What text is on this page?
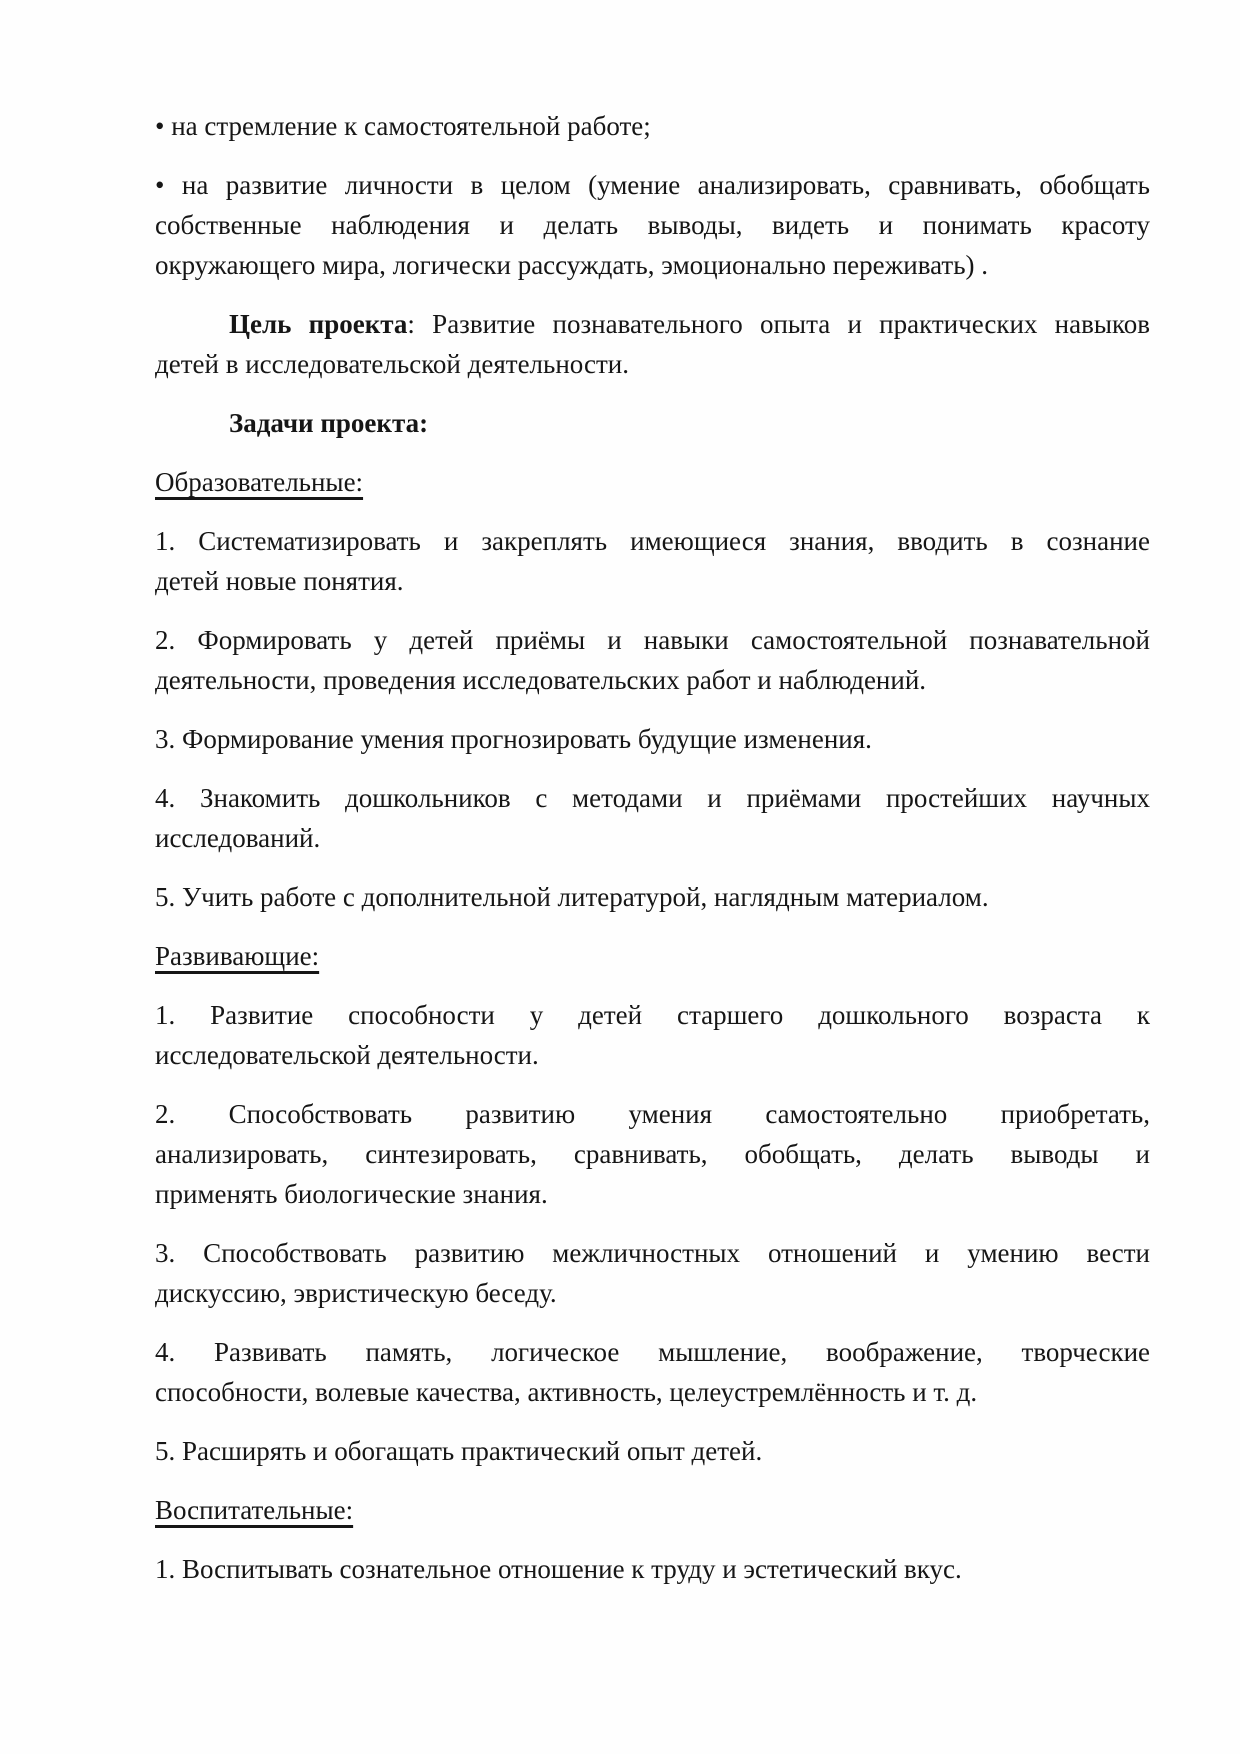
• на стремление к самостоятельной работе;
• на развитие личности в целом (умение анализировать, сравнивать, обобщать
собственные наблюдения и делать выводы, видеть и понимать красоту
окружающего мира, логически рассуждать, эмоционально переживать) .
Цель проекта: Развитие познавательного опыта и практических навыков
детей в исследовательской деятельности.
Задачи проекта:
Образовательные:
1. Систематизировать и закреплять имеющиеся знания, вводить в сознание
детей новые понятия.
2. Формировать у детей приёмы и навыки самостоятельной познавательной
деятельности, проведения исследовательских работ и наблюдений.
3. Формирование умения прогнозировать будущие изменения.
4. Знакомить дошкольников с методами и приёмами простейших научных
исследований.
5. Учить работе с дополнительной литературой, наглядным материалом.
Развивающие:
1. Развитие способности у детей старшего дошкольного возраста к
исследовательской деятельности.
2. Способствовать развитию умения самостоятельно приобретать,
анализировать, синтезировать, сравнивать, обобщать, делать выводы и
применять биологические знания.
3. Способствовать развитию межличностных отношений и умению вести
дискуссию, эвристическую беседу.
4. Развивать память, логическое мышление, воображение, творческие
способности, волевые качества, активность, целеустремлённость и т. д.
5. Расширять и обогащать практический опыт детей.
Воспитательные:
1. Воспитывать сознательное отношение к труду и эстетический вкус.
